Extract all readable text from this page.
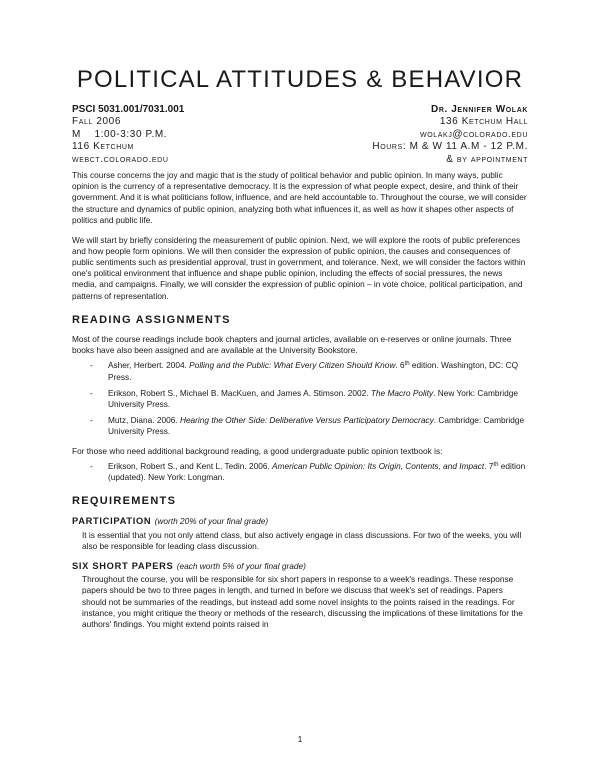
POLITICAL ATTITUDES & BEHAVIOR
PSCI 5031.001/7031.001	Dr. Jennifer Wolak
Fall 2006	136 Ketchum Hall
M    1:00-3:30 P.M.	wolakj@colorado.edu
116 Ketchum	Hours: M & W 11 A.M - 12 P.M.
webct.colorado.edu	& by appointment

This course concerns the joy and magic that is the study of political behavior and public opinion. In many ways, public opinion is the currency of a representative democracy. It is the expression of what people expect, desire, and think of their government. And it is what politicians follow, influence, and are held accountable to. Throughout the course, we will consider the structure and dynamics of public opinion, analyzing both what influences it, as well as how it shapes other aspects of politics and public life.

We will start by briefly considering the measurement of public opinion. Next, we will explore the roots of public preferences and how people form opinions. We will then consider the expression of public opinion, the causes and consequences of public sentiments such as presidential approval, trust in government, and tolerance. Next, we will consider the factors within one's political environment that influence and shape public opinion, including the effects of social pressures, the news media, and campaigns. Finally, we will consider the expression of public opinion – in vote choice, political participation, and patterns of representation.

READING ASSIGNMENTS

Most of the course readings include book chapters and journal articles, available on e-reserves or online journals. Three books have also been assigned and are available at the University Bookstore.

- Asher, Herbert. 2004. Polling and the Public: What Every Citizen Should Know. 6th edition. Washington, DC: CQ Press.
- Erikson, Robert S., Michael B. MacKuen, and James A. Stimson. 2002. The Macro Polity. New York: Cambridge University Press.
- Mutz, Diana. 2006. Hearing the Other Side: Deliberative Versus Participatory Democracy. Cambridge: Cambridge University Press.

For those who need additional background reading, a good undergraduate public opinion textbook is:

- Erikson, Robert S., and Kent L. Tedin. 2006. American Public Opinion: Its Origin, Contents, and Impact. 7th edition (updated). New York: Longman.
REQUIREMENTS
PARTICIPATION (worth 20% of your final grade)

It is essential that you not only attend class, but also actively engage in class discussions. For two of the weeks, you will also be responsible for leading class discussion.

SIX SHORT PAPERS (each worth 5% of your final grade)

Throughout the course, you will be responsible for six short papers in response to a week's readings. These response papers should be two to three pages in length, and turned in before we discuss that week's set of readings. Papers should not be summaries of the readings, but instead add some novel insights to the points raised in the readings. For instance, you might critique the theory or methods of the research, discussing the implications of these limitations for the authors' findings. You might extend points raised in

1
